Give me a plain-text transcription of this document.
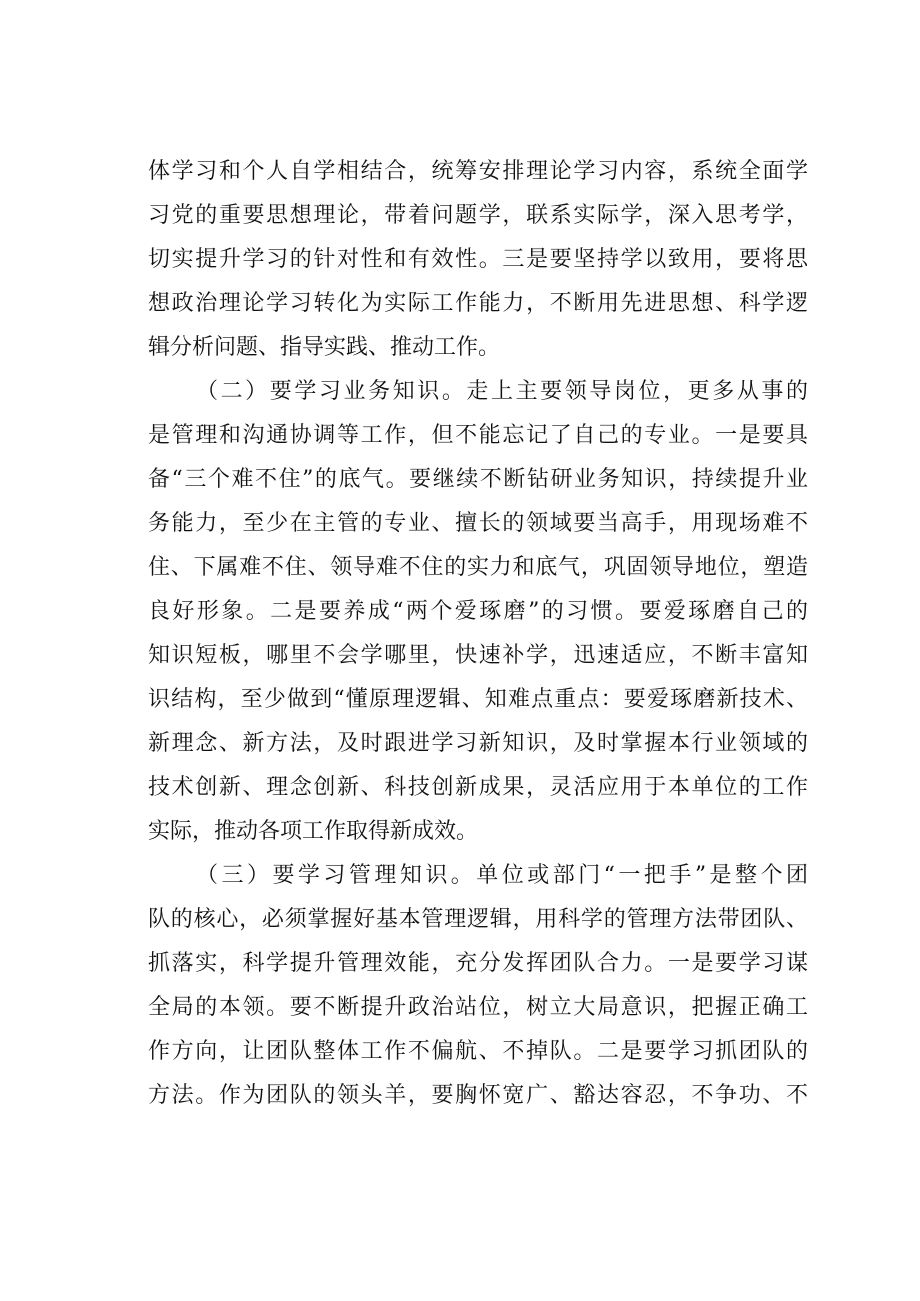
体学习和个人自学相结合，统筹安排理论学习内容，系统全面学
习党的重要思想理论，带着问题学，联系实际学，深入思考学，
切实提升学习的针对性和有效性。三是要坚持学以致用，要将思
想政治理论学习转化为实际工作能力，不断用先进思想、科学逻
辑分析问题、指导实践、推动工作。
（二）要学习业务知识。走上主要领导岗位，更多从事的
是管理和沟通协调等工作，但不能忘记了自己的专业。一是要具
备“三个难不住”的底气。要继续不断钻研业务知识，持续提升业
务能力，至少在主管的专业、擅长的领域要当高手，用现场难不
住、下属难不住、领导难不住的实力和底气，巩固领导地位，塑造
良好形象。二是要养成“两个爱琢磨”的习惯。要爱琢磨自己的
知识短板，哪里不会学哪里，快速补学，迅速适应，不断丰富知
识结构，至少做到“懂原理逻辑、知难点重点：要爱琢磨新技术、
新理念、新方法，及时跟进学习新知识，及时掌握本行业领域的
技术创新、理念创新、科技创新成果，灵活应用于本单位的工作
实际，推动各项工作取得新成效。
（三）要学习管理知识。单位或部门“一把手”是整个团
队的核心，必须掌握好基本管理逻辑，用科学的管理方法带团队、
抓落实，科学提升管理效能，充分发挥团队合力。一是要学习谋
全局的本领。要不断提升政治站位，树立大局意识，把握正确工
作方向，让团队整体工作不偏航、不掉队。二是要学习抓团队的
方法。作为团队的领头羊，要胸怀宽广、豁达容忍，不争功、不
